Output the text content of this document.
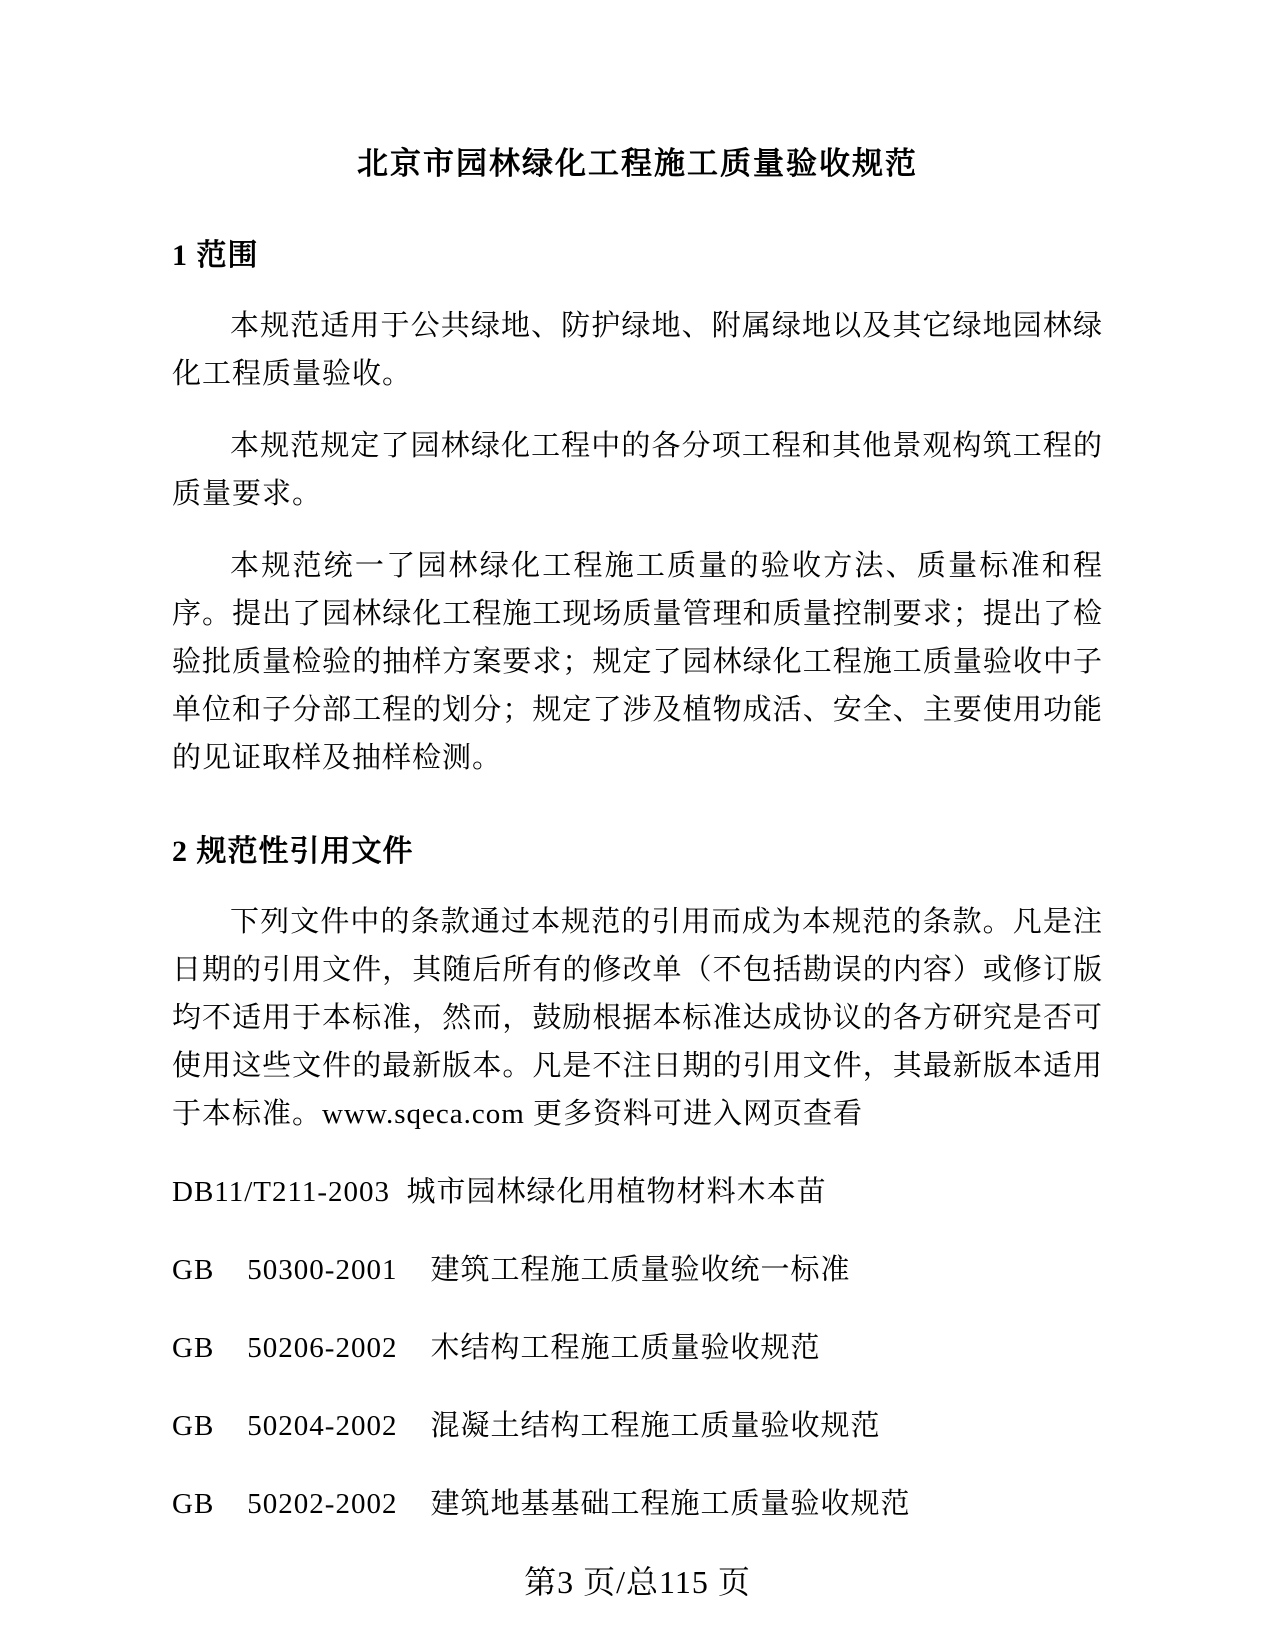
北京市园林绿化工程施工质量验收规范
1 范围

本规范适用于公共绿地、防护绿地、附属绿地以及其它绿地园林绿化工程质量验收。

本规范规定了园林绿化工程中的各分项工程和其他景观构筑工程的质量要求。

本规范统一了园林绿化工程施工质量的验收方法、质量标准和程序。提出了园林绿化工程施工现场质量管理和质量控制要求；提出了检验批质量检验的抽样方案要求；规定了园林绿化工程施工质量验收中子单位和子分部工程的划分；规定了涉及植物成活、安全、主要使用功能的见证取样及抽样检测。

2 规范性引用文件

下列文件中的条款通过本规范的引用而成为本规范的条款。凡是注日期的引用文件，其随后所有的修改单（不包括勘误的内容）或修订版均不适用于本标准，然而，鼓励根据本标准达成协议的各方研究是否可使用这些文件的最新版本。凡是不注日期的引用文件，其最新版本适用于本标准。www.sqeca.com 更多资料可进入网页查看

DB11/T211-2003  城市园林绿化用植物材料木本苗

GB    50300-2001    建筑工程施工质量验收统一标准

GB    50206-2002    木结构工程施工质量验收规范

GB    50204-2002    混凝土结构工程施工质量验收规范

GB    50202-2002    建筑地基基础工程施工质量验收规范

第3 页/总115 页
